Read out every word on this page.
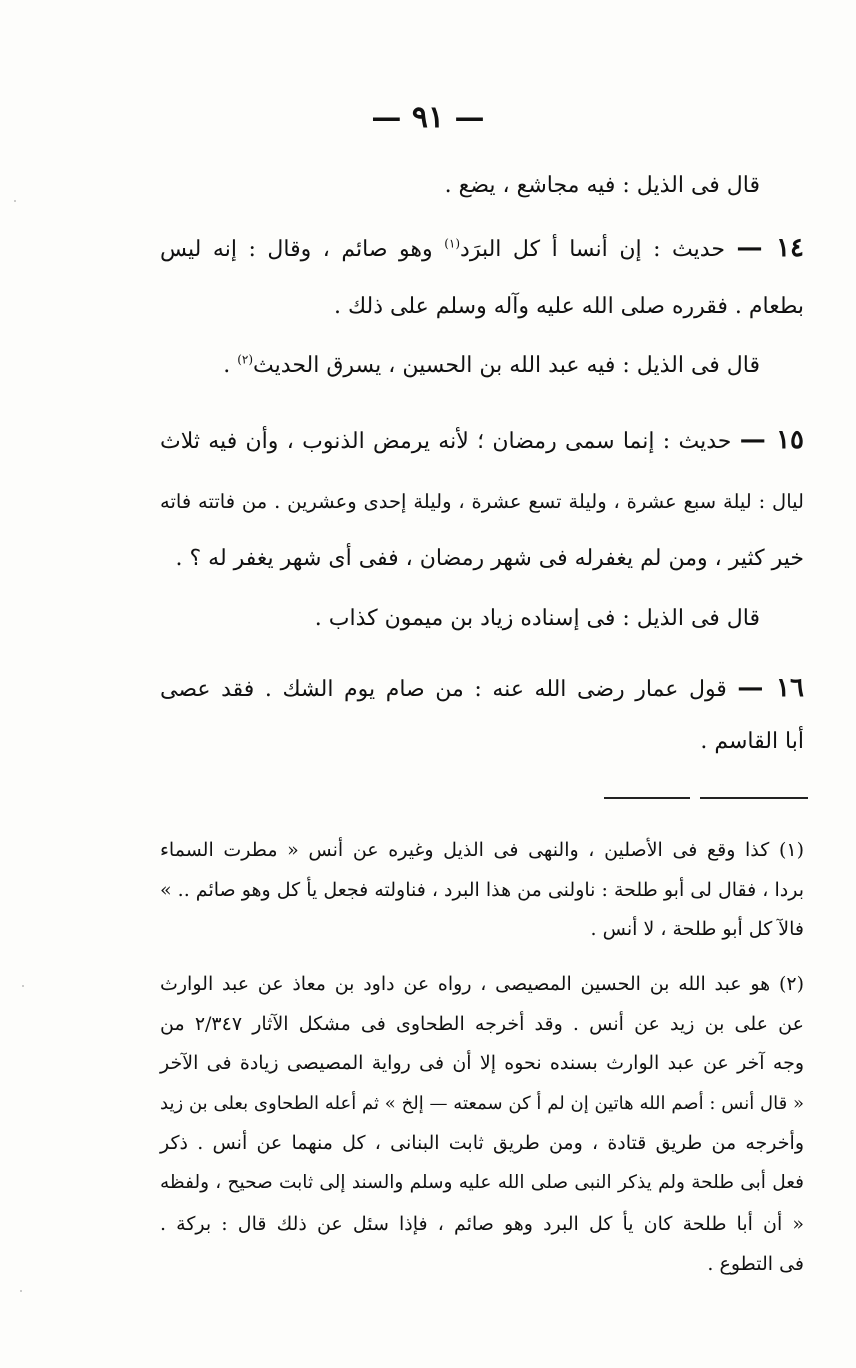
— ٩١ —
قال فى الذيل : فيه مجاشع ، يضع .
١٤ — حديث : إن أنسا أ كل البرَد$^{(١)}$ وهو صائم ، وقال : إنه ليس
بطعام . فقرره صلى الله عليه وآله وسلم على ذلك .
قال فى الذيل : فيه عبد الله بن الحسين ، يسرق الحديث$^{(٢)}$ .
١٥ — حديث : إنما سمى رمضان ؛ لأنه يرمض الذنوب ، وأن فيه ثلاث
ليال : ليلة سبع عشرة ، وليلة تسع عشرة ، وليلة إحدى وعشرين . من فاتته فاته
خير كثير ، ومن لم يغفرله فى شهر رمضان ، ففى أى شهر يغفر له ؟ .
قال فى الذيل : فى إسناده زياد بن ميمون كذاب .
١٦ — قول عمار رضى الله عنه : من صام يوم الشك . فقد عصى
أبا القاسم .
(١) كذا وقع فى الأصلين ، والنهى فى الذيل وغيره عن أنس « مطرت السماء
بردا ، فقال لى أبو طلحة : ناولنى من هذا البرد ، فناولته فجعل يأ كل وهو صائم .. »
فالآ كل أبو طلحة ، لا أنس .
(٢) هو عبد الله بن الحسين المصيصى ، رواه عن داود بن معاذ عن عبد الوارث
عن على بن زيد عن أنس . وقد أخرجه الطحاوى فى مشكل الآثار ٢/٣٤٧ من
وجه آخر عن عبد الوارث بسنده نحوه إلا أن فى رواية المصيصى زيادة فى الآخر
« قال أنس : أصم الله هاتين إن لم أ كن سمعته — إلخ » ثم أعله الطحاوى بعلى بن زيد
وأخرجه من طريق قتادة ، ومن طريق ثابت البنانى ، كل منهما عن أنس . ذكر
فعل أبى طلحة ولم يذكر النبى صلى الله عليه وسلم والسند إلى ثابت صحيح ، ولفظه
« أن أبا طلحة كان يأ كل البرد وهو صائم ، فإذا سئل عن ذلك قال : بركة .
فى التطوع .
